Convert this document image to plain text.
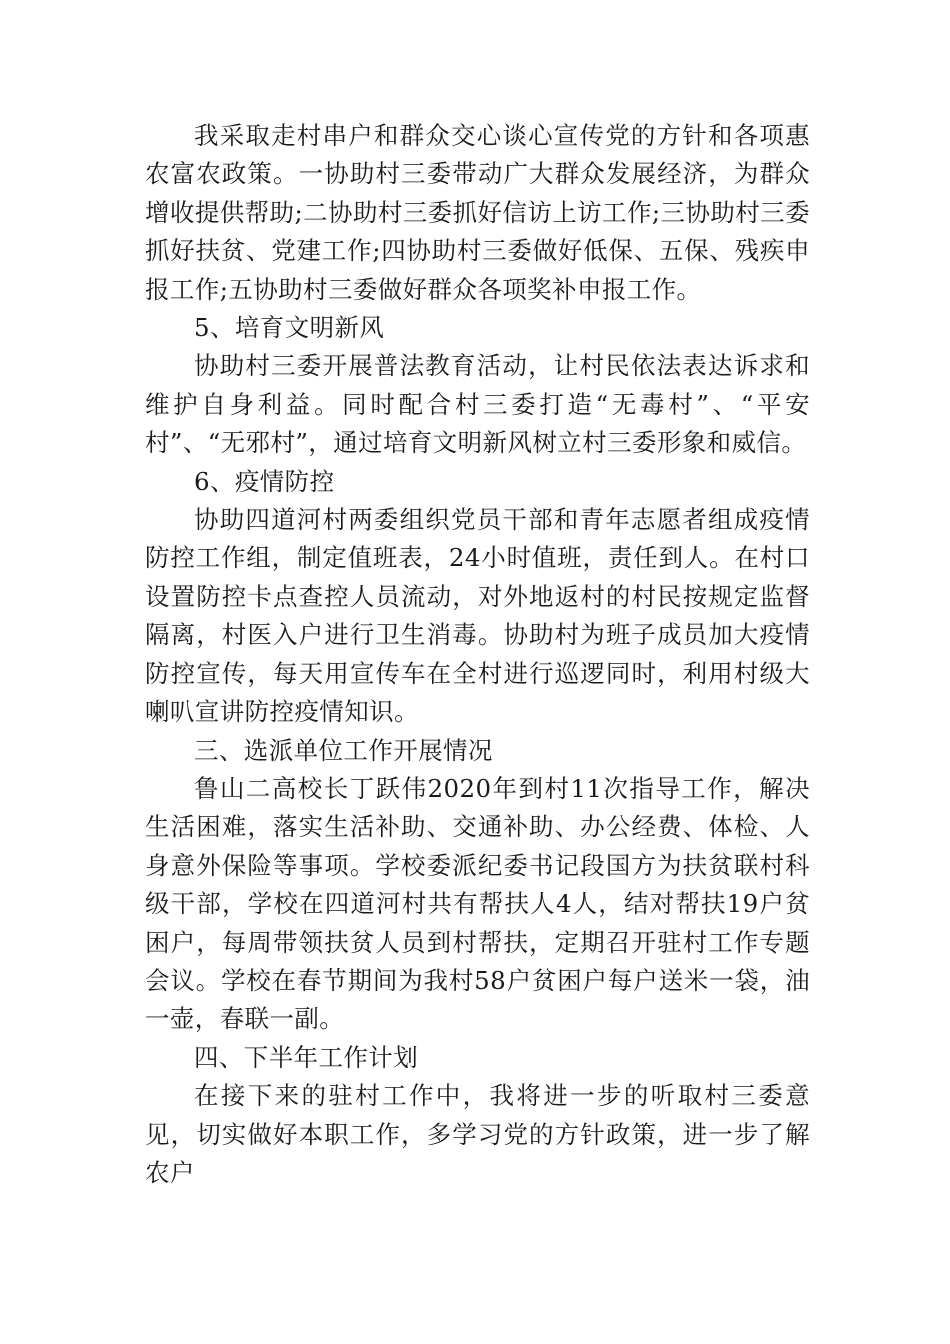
我采取走村串户和群众交心谈心宣传党的方针和各项惠农富农政策。一协助村三委带动广大群众发展经济，为群众增收提供帮助;二协助村三委抓好信访上访工作;三协助村三委抓好扶贫、党建工作;四协助村三委做好低保、五保、残疾申报工作;五协助村三委做好群众各项奖补申报工作。

5、培育文明新风

协助村三委开展普法教育活动，让村民依法表达诉求和维护自身利益。同时配合村三委打造“无毒村”、“平安村”、“无邪村”，通过培育文明新风树立村三委形象和威信。

6、疫情防控

协助四道河村两委组织党员干部和青年志愿者组成疫情防控工作组，制定值班表，24小时值班，责任到人。在村口设置防控卡点查控人员流动，对外地返村的村民按规定监督隔离，村医入户进行卫生消毒。协助村为班子成员加大疫情防控宣传，每天用宣传车在全村进行巡逻同时，利用村级大喇叭宣讲防控疫情知识。

三、选派单位工作开展情况

鲁山二高校长丁跃伟2020年到村11次指导工作，解决生活困难，落实生活补助、交通补助、办公经费、体检、人身意外保险等事项。学校委派纪委书记段国方为扶贫联村科级干部，学校在四道河村共有帮扶人4人，结对帮扶19户贫困户，每周带领扶贫人员到村帮扶，定期召开驻村工作专题会议。学校在春节期间为我村58户贫困户每户送米一袋，油一壶，春联一副。

四、下半年工作计划

在接下来的驻村工作中，我将进一步的听取村三委意见，切实做好本职工作，多学习党的方针政策，进一步了解农户
